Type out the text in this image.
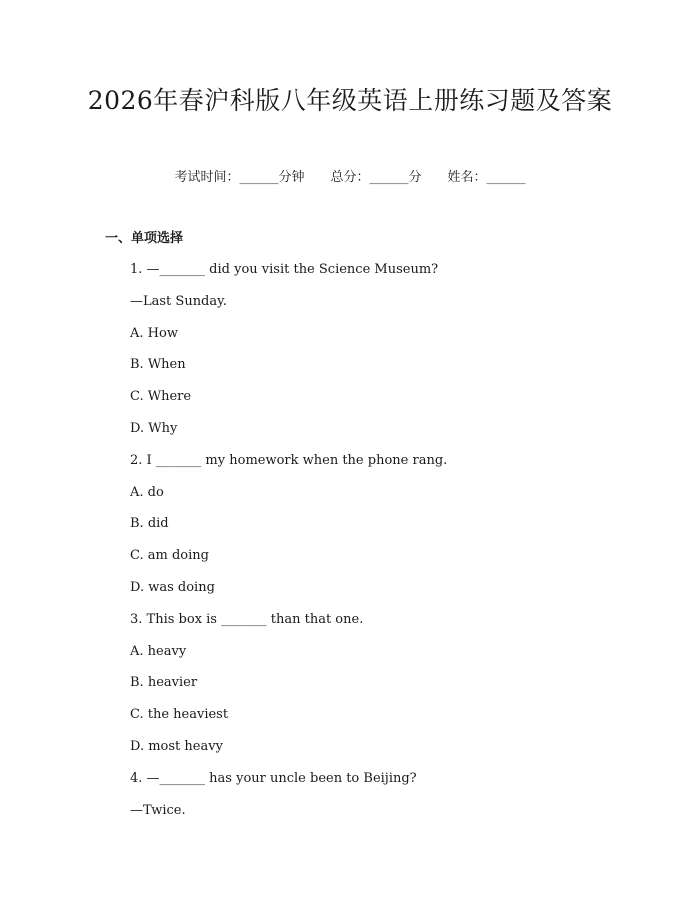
2026年春沪科版八年级英语上册练习题及答案
考试时间：______分钟 总分：______分 姓名：______
一、单项选择
1. —_______ did you visit the Science Museum?
—Last Sunday.
A. How
B. When
C. Where
D. Why
2. I _______ my homework when the phone rang.
A. do
B. did
C. am doing
D. was doing
3. This box is _______ than that one.
A. heavy
B. heavier
C. the heaviest
D. most heavy
4. —_______ has your uncle been to Beijing?
—Twice.
